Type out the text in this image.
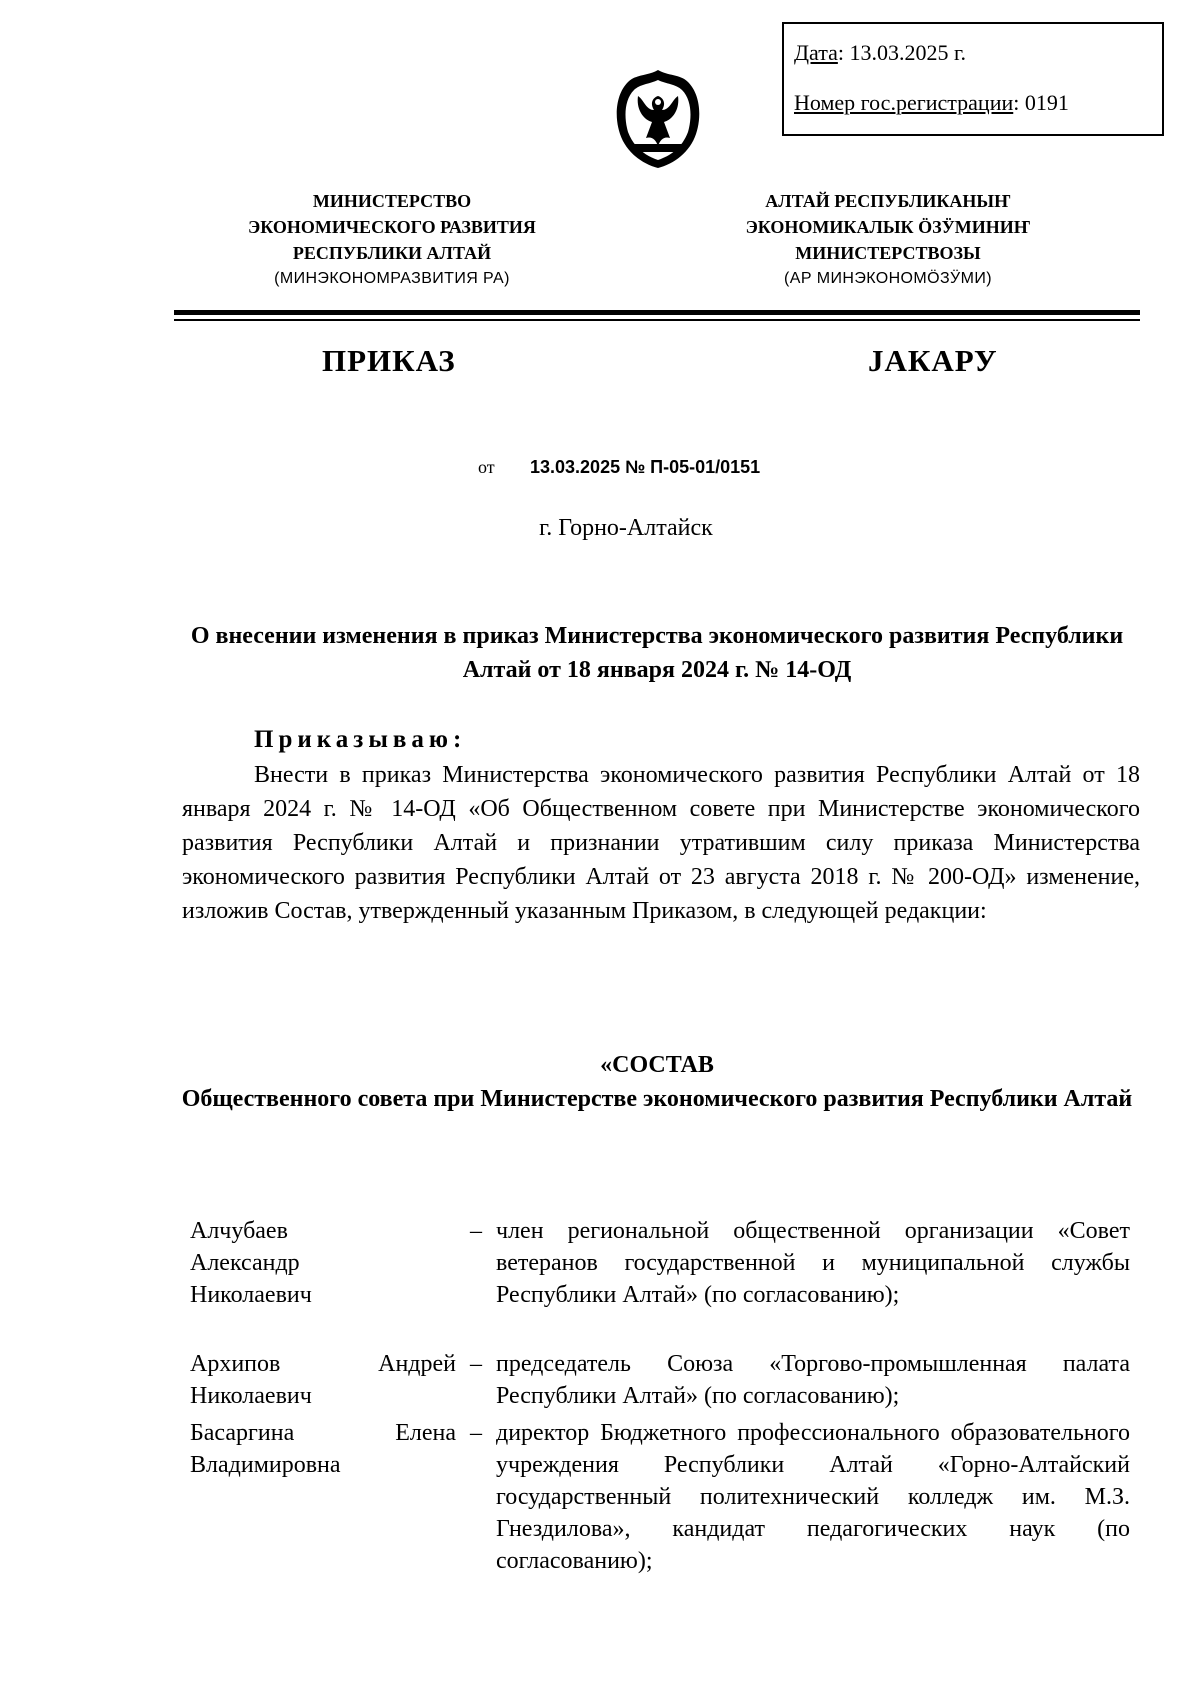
Дата: 13.03.2025 г.
Номер гос.регистрации: 0191
МИНИСТЕРСТВО
ЭКОНОМИЧЕСКОГО РАЗВИТИЯ
РЕСПУБЛИКИ АЛТАЙ
(МИНЭКОНОМРАЗВИТИЯ РА)
АЛТАЙ РЕСПУБЛИКАНЫҤ
ЭКОНОМИКАЛЫК ÖЗӰМИНИҤ
МИНИСТЕРСТВОЗЫ
(АР МИНЭКОНОМÖЗӰМИ)
ПРИКАЗ	JАКАРУ
от 13.03.2025 № П-05-01/0151
г. Горно-Алтайск
О внесении изменения в приказ Министерства экономического развития Республики Алтай от 18 января 2024 г. № 14-ОД
Приказываю:
Внести в приказ Министерства экономического развития Республики Алтай от 18 января 2024 г. № 14-ОД «Об Общественном совете при Министерстве экономического развития Республики Алтай и признании утратившим силу приказа Министерства экономического развития Республики Алтай от 23 августа 2018 г. № 200-ОД» изменение, изложив Состав, утвержденный указанным Приказом, в следующей редакции:
«СОСТАВ
Общественного совета при Министерстве экономического развития Республики Алтай
Алчубаев
Александр
Николаевич
– член региональной общественной организации «Совет ветеранов государственной и муниципальной службы Республики Алтай» (по согласованию);
Архипов Андрей Николаевич
– председатель Союза «Торгово-промышленная палата Республики Алтай» (по согласованию);
Басаргина Елена Владимировна
– директор Бюджетного профессионального образовательного учреждения Республики Алтай «Горно-Алтайский государственный политехнический колледж им. М.З. Гнездилова», кандидат педагогических наук (по согласованию);
